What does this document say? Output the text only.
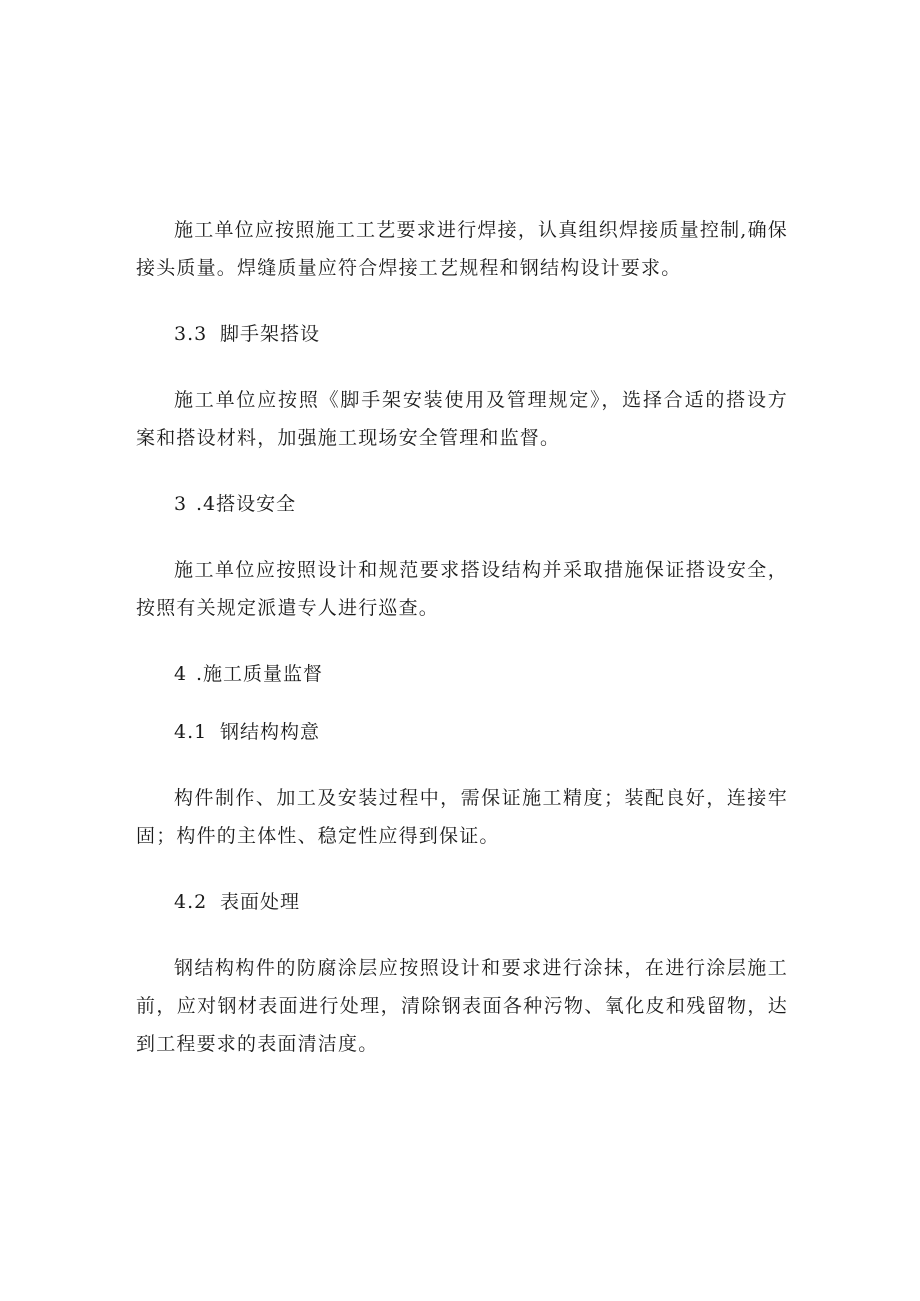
施工单位应按照施工工艺要求进行焊接，认真组织焊接质量控制,确保接头质量。焊缝质量应符合焊接工艺规程和钢结构设计要求。

3.3 脚手架搭设

施工单位应按照《脚手架安装使用及管理规定》，选择合适的搭设方案和搭设材料，加强施工现场安全管理和监督。

3 .4搭设安全

施工单位应按照设计和规范要求搭设结构并采取措施保证搭设安全，按照有关规定派遣专人进行巡查。

4 .施工质量监督

4.1 钢结构构意

构件制作、加工及安装过程中，需保证施工精度；装配良好，连接牢固；构件的主体性、稳定性应得到保证。

4.2 表面处理

钢结构构件的防腐涂层应按照设计和要求进行涂抹，在进行涂层施工前，应对钢材表面进行处理，清除钢表面各种污物、氧化皮和残留物，达到工程要求的表面清洁度。
